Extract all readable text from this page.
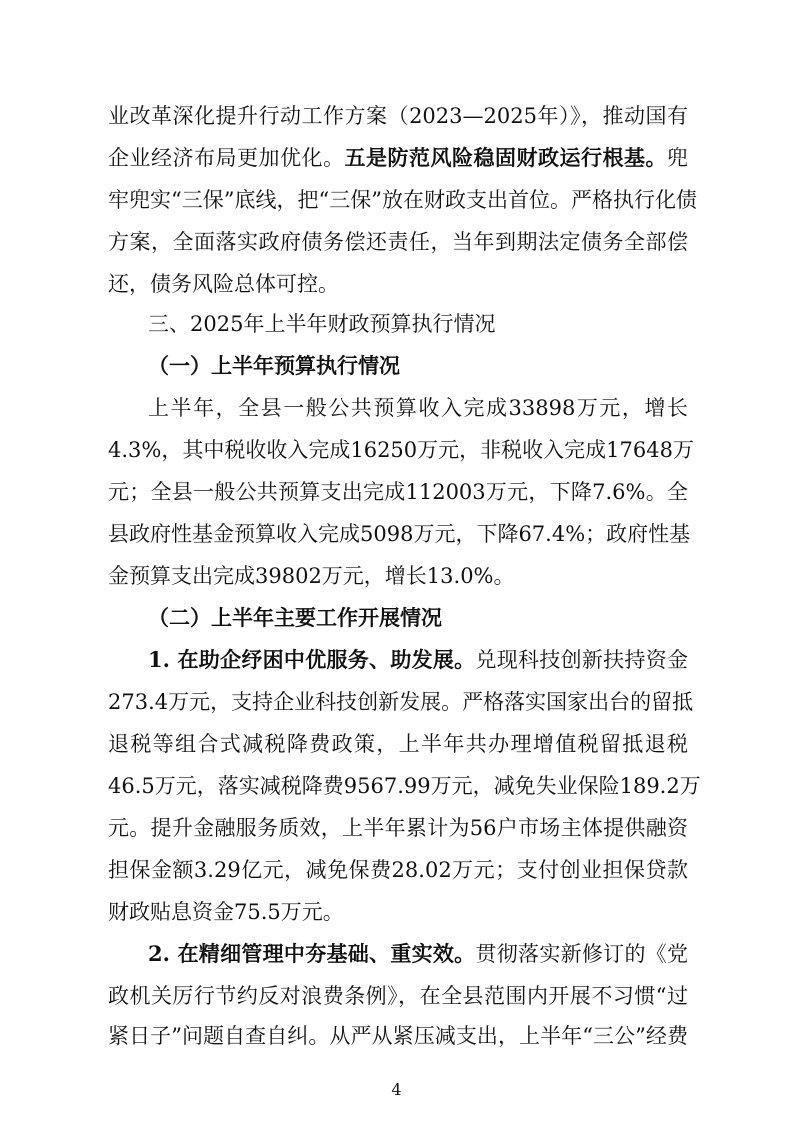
业改革深化提升行动工作方案（2023—2025年）》，推动国有
企业经济布局更加优化。五是防范风险稳固财政运行根基。兜
牢兜实“三保”底线，把“三保”放在财政支出首位。严格执行化债
方案，全面落实政府债务偿还责任，当年到期法定债务全部偿
还，债务风险总体可控。
三、2025年上半年财政预算执行情况
（一）上半年预算执行情况
上半年，全县一般公共预算收入完成33898万元，增长
4.3%，其中税收收入完成16250万元，非税收入完成17648万
元；全县一般公共预算支出完成112003万元，下降7.6%。全
县政府性基金预算收入完成5098万元，下降67.4%；政府性基
金预算支出完成39802万元，增长13.0%。
（二）上半年主要工作开展情况
1. 在助企纾困中优服务、助发展。兑现科技创新扶持资金
273.4万元，支持企业科技创新发展。严格落实国家出台的留抵
退税等组合式减税降费政策，上半年共办理增值税留抵退税
46.5万元，落实减税降费9567.99万元，减免失业保险189.2万
元。提升金融服务质效，上半年累计为56户市场主体提供融资
担保金额3.29亿元，减免保费28.02万元；支付创业担保贷款
财政贴息资金75.5万元。
2. 在精细管理中夯基础、重实效。贯彻落实新修订的《党
政机关厉行节约反对浪费条例》，在全县范围内开展不习惯“过
紧日子”问题自查自纠。从严从紧压减支出，上半年“三公”经费
4
